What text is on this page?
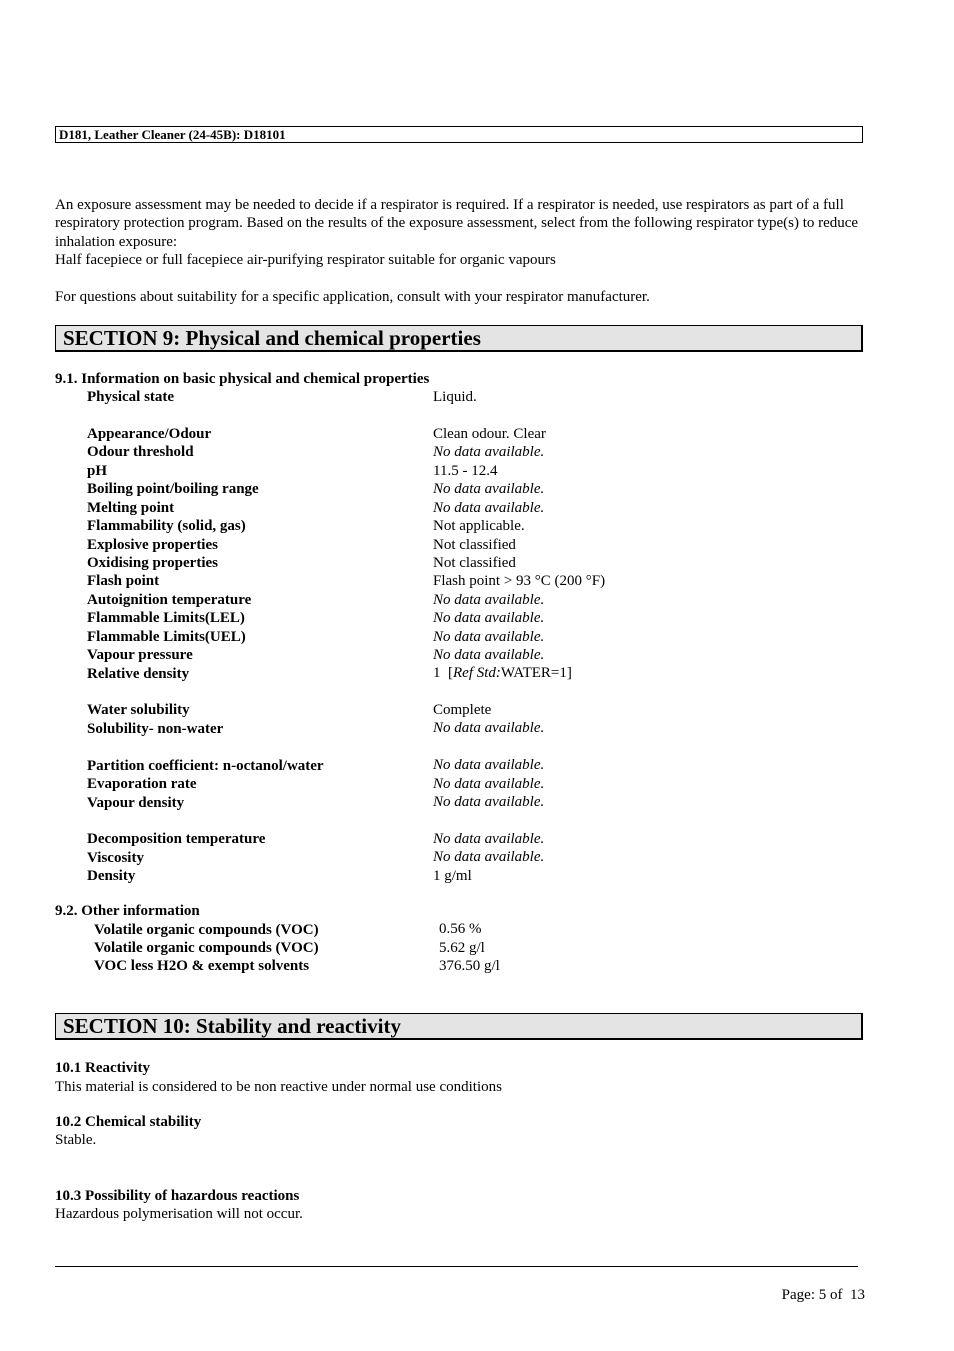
D181, Leather Cleaner (24-45B): D18101

An exposure assessment may be needed to decide if a respirator is required. If a respirator is needed, use respirators as part of a full respiratory protection program. Based on the results of the exposure assessment, select from the following respirator type(s) to reduce inhalation exposure:

Half facepiece or full facepiece air-purifying respirator suitable for organic vapours

For questions about suitability for a specific application, consult with your respirator manufacturer.
SECTION 9: Physical and chemical properties
9.1. Information on basic physical and chemical properties
Physical state	Liquid.
Appearance/Odour	Clean odour. Clear
Odour threshold	No data available.
pH	11.5 - 12.4
Boiling point/boiling range	No data available.
Melting point	No data available.
Flammability (solid, gas)	Not applicable.
Explosive properties	Not classified
Oxidising properties	Not classified
Flash point	Flash point > 93 °C (200 °F)
Autoignition temperature	No data available.
Flammable Limits(LEL)	No data available.
Flammable Limits(UEL)	No data available.
Vapour pressure	No data available.
Relative density	1  [Ref Std:WATER=1]
Water solubility	Complete
Solubility- non-water	No data available.
Partition coefficient: n-octanol/water	No data available.
Evaporation rate	No data available.
Vapour density	No data available.
Decomposition temperature	No data available.
Viscosity	No data available.
Density	1 g/ml
9.2. Other information
Volatile organic compounds (VOC)	0.56 %
Volatile organic compounds (VOC)	5.62 g/l
VOC less H2O & exempt solvents	376.50 g/l
SECTION 10: Stability and reactivity
10.1 Reactivity
This material is considered to be non reactive under normal use conditions
10.2 Chemical stability
Stable.
10.3 Possibility of hazardous reactions
Hazardous polymerisation will not occur.
Page: 5 of  13
